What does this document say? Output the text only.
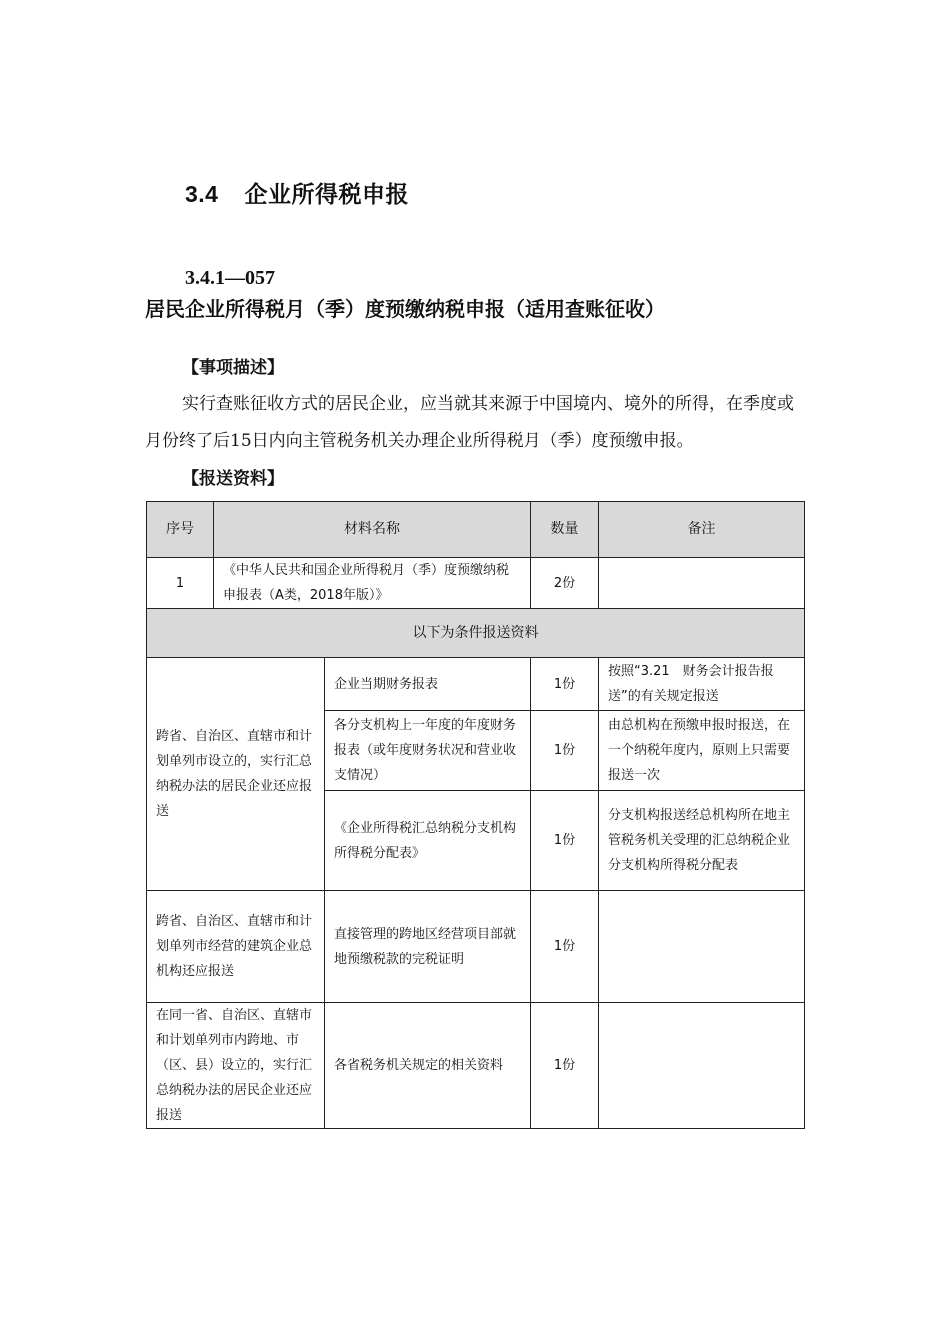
3.4 企业所得税申报
3.4.1—057居民企业所得税月（季）度预缴纳税申报（适用查账征收）
【事项描述】
实行查账征收方式的居民企业，应当就其来源于中国境内、境外的所得，在季度或月份终了后15日内向主管税务机关办理企业所得税月（季）度预缴申报。
【报送资料】
序号	材料名称		数量	备注
1	《中华人民共和国企业所得税月（季）度预缴纳税申报表（A类，2018年版）》		2份	
以下为条件报送资料				
跨省、自治区、直辖市和计划单列市设立的，实行汇总纳税办法的居民企业还应报送		企业当期财务报表	1份	按照“3.21　财务会计报告报送”的有关规定报送
		各分支机构上一年度的年度财务报表（或年度财务状况和营业收支情况）	1份	由总机构在预缴申报时报送，在一个纳税年度内，原则上只需要报送一次
		《企业所得税汇总纳税分支机构所得税分配表》	1份	分支机构报送经总机构所在地主管税务机关受理的汇总纳税企业分支机构所得税分配表
跨省、自治区、直辖市和计划单列市经营的建筑企业总机构还应报送		直接管理的跨地区经营项目部就地预缴税款的完税证明	1份	
在同一省、自治区、直辖市和计划单列市内跨地、市（区、县）设立的，实行汇总纳税办法的居民企业还应报送		各省税务机关规定的相关资料	1份	
